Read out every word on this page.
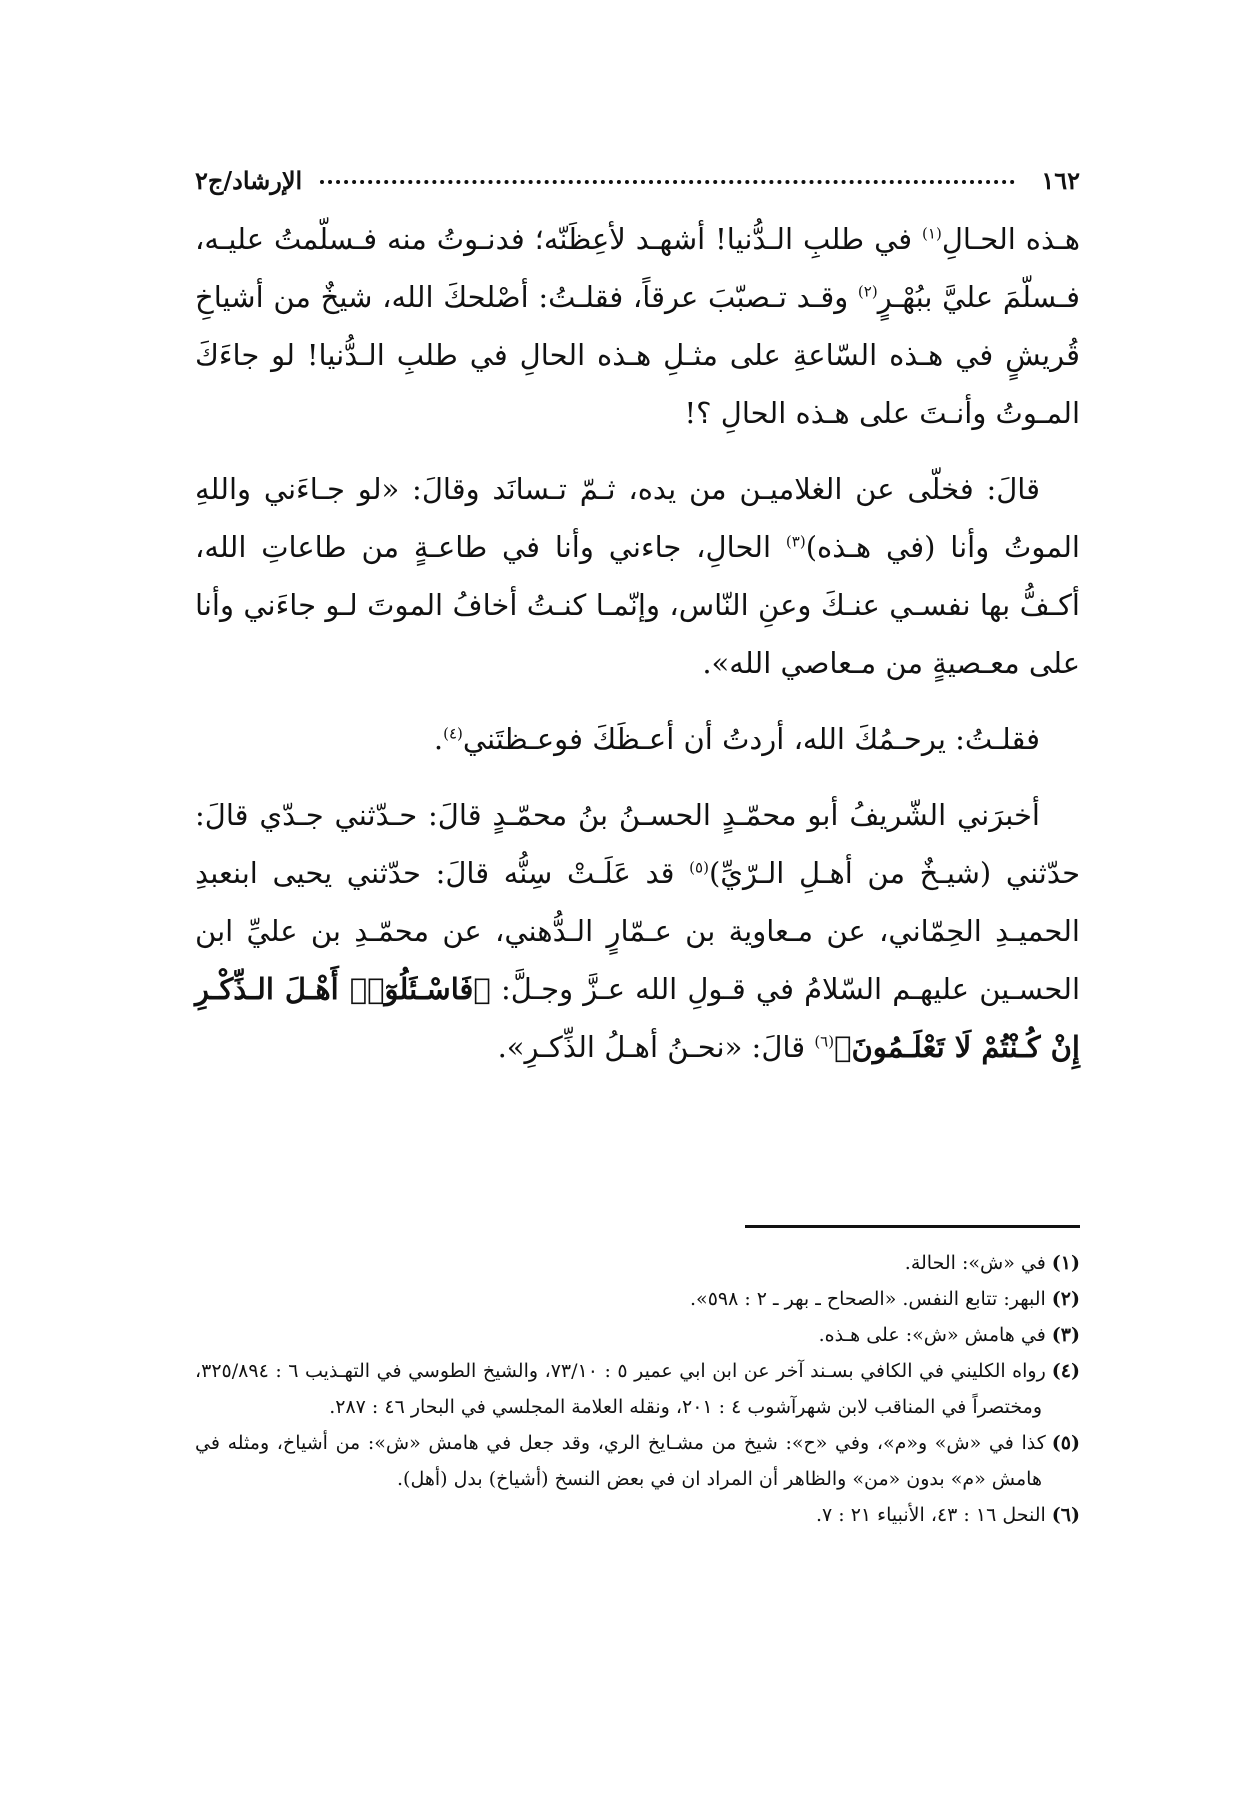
١٦٢
الإرشاد/ج٢

هـذه الحـالِ$^{(١)}$ في طلبِ الـدُّنيا! أشهـد لأعِظَنّه؛ فدنـوتُ منه فـسلّمتُ عليـه، فـسلّمَ عليَّ ببُهْـرٍ$^{(٢)}$ وقـد تـصبّبَ عرقاً، فقلـتُ: أصْلحكَ الله، شيخٌ من أشياخِ قُريشٍ في هـذه السّاعةِ على مثـلِ هـذه الحالِ في طلبِ الـدُّنيا! لو جاءَكَ المـوتُ وأنـتَ على هـذه الحالِ ؟!

قالَ: فخلّى عن الغلاميـن من يده، ثـمّ تـسانَد وقالَ: «لو جـاءَني واللهِ الموتُ وأنا (في هـذه)$^{(٣)}$ الحالِ، جاءني وأنا في طاعـةٍ من طاعاتِ الله، أكـفُّ بها نفسـي عنـكَ وعنِ النّاس، وإنّمـا كنـتُ أخافُ الموتَ لـو جاءَني وأنا على معـصيةٍ من مـعاصي الله».

فقلـتُ: يرحـمُكَ الله، أردتُ أن أعـظَكَ فوعـظتَني$^{(٤)}$.

أخبرَني الشّريفُ أبو محمّـدٍ الحسـنُ بنُ محمّـدٍ قالَ: حـدّثني جـدّي قالَ: حدّثني (شيـخٌ من أهـلِ الـرّيِّ)$^{(٥)}$ قد عَلَـتْ سِنُّه قالَ: حدّثني يحيى ابنعبدِ الحميـدِ الحِمّاني، عن مـعاوية بن عـمّارٍ الـدُّهني، عن محمّـدِ بن عليِّ ابن الحسـين عليهـم السّلامُ في قـولِ الله عـزَّ وجـلَّ: ﴿فَاسْـئَلُوٓا۟ أَهْـلَ الـذِّكْـرِ إِنْ كُـنْتُمْ لَا تَعْلَـمُونَ﴾$^{(٦)}$ قالَ: «نحـنُ أهـلُ الذِّكـرِ».

(١)في «ش»: الحالة.

(٢)البهر: تتابع النفس. «الصحاح ـ بهر ـ ٢ : ٥٩٨».

(٣)في هامش «ش»: على هـذه.

(٤)رواه الكليني في الكافي بسـند آخر عن ابن ابي عمير ٥ : ٧٣/١٠، والشيخ الطوسي في التهـذيب ٦ : ٣٢٥/٨٩٤، ومختصراً في المناقب لابن شهرآشوب ٤ : ٢٠١، ونقله العلامة المجلسي في البحار ٤٦ : ٢٨٧.

(٥)كذا في «ش» و«م»، وفي «ح»: شيخ من مشـايخ الري، وقد جعل في هامش «ش»: من أشياخ، ومثله في هامش «م» بدون «من» والظاهر أن المراد ان في بعض النسخ (أشياخ) بدل (أهل).

(٦)النحل ١٦ : ٤٣، الأنبياء ٢١ : ٧.
